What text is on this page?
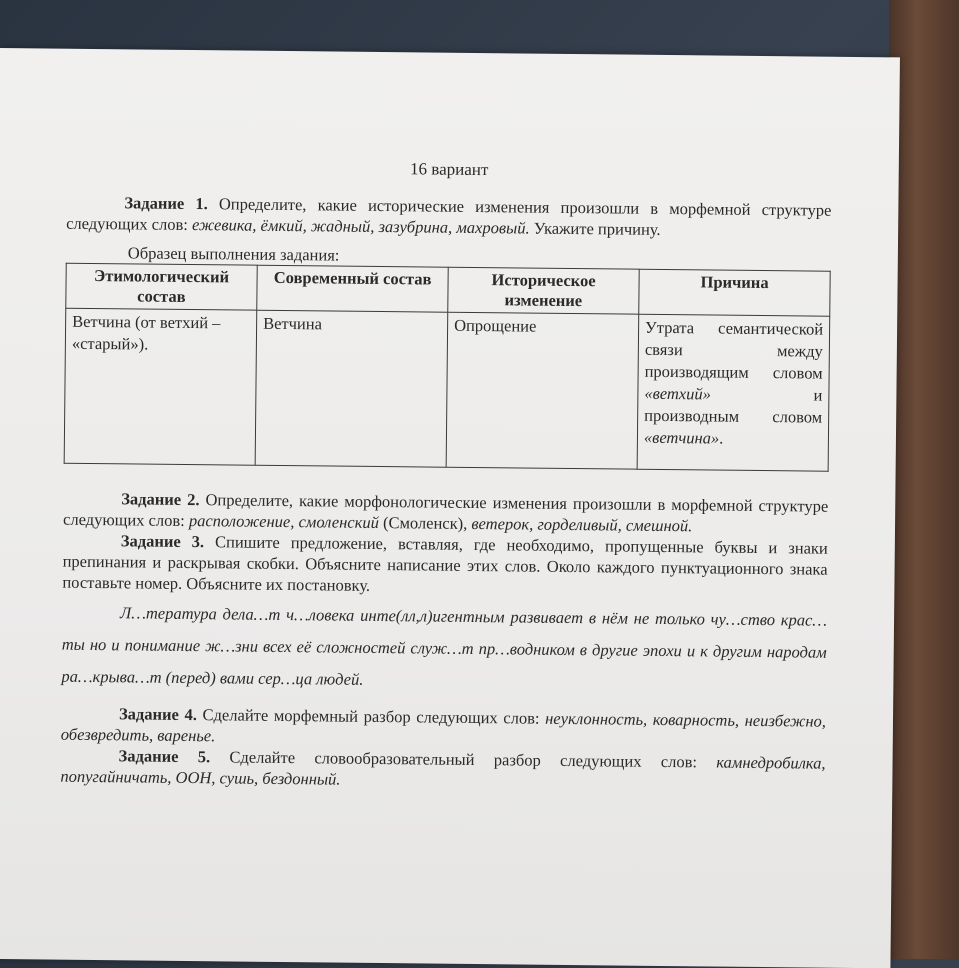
16 вариант

Задание 1. Определите, какие исторические изменения произошли в морфемной структуре следующих слов: ежевика, ёмкий, жадный, зазубрина, махровый. Укажите причину.

Образец выполнения задания:
Этимологический состав	Современный состав	Историческое изменение	Причина
Ветчина (от ветхий – «старый»).	Ветчина	Опрощение	Утрата семантической связи между производящим словом «ветхий» и производным словом «ветчина».

Задание 2. Определите, какие морфонологические изменения произошли в морфемной структуре следующих слов: расположение, смоленский (Смоленск), ветерок, горделивый, смешной.

Задание 3. Спишите предложение, вставляя, где необходимо, пропущенные буквы и знаки препинания и раскрывая скобки. Объясните написание этих слов. Около каждого пунктуационного знака поставьте номер. Объясните их постановку.

Л…тература дела…т ч…ловека инте(лл,л)игентным развивает в нём не только чу…ство крас…ты но и понимание ж…зни всех её сложностей служ…т пр…водником в другие эпохи и к другим народам ра…крыва…т (перед) вами сер…ца людей.

Задание 4. Сделайте морфемный разбор следующих слов: неуклонность, коварность, неизбежно, обезвредить, варенье.

Задание 5. Сделайте словообразовательный разбор следующих слов: камнедробилка, попугайничать, ООН, сушь, бездонный.
